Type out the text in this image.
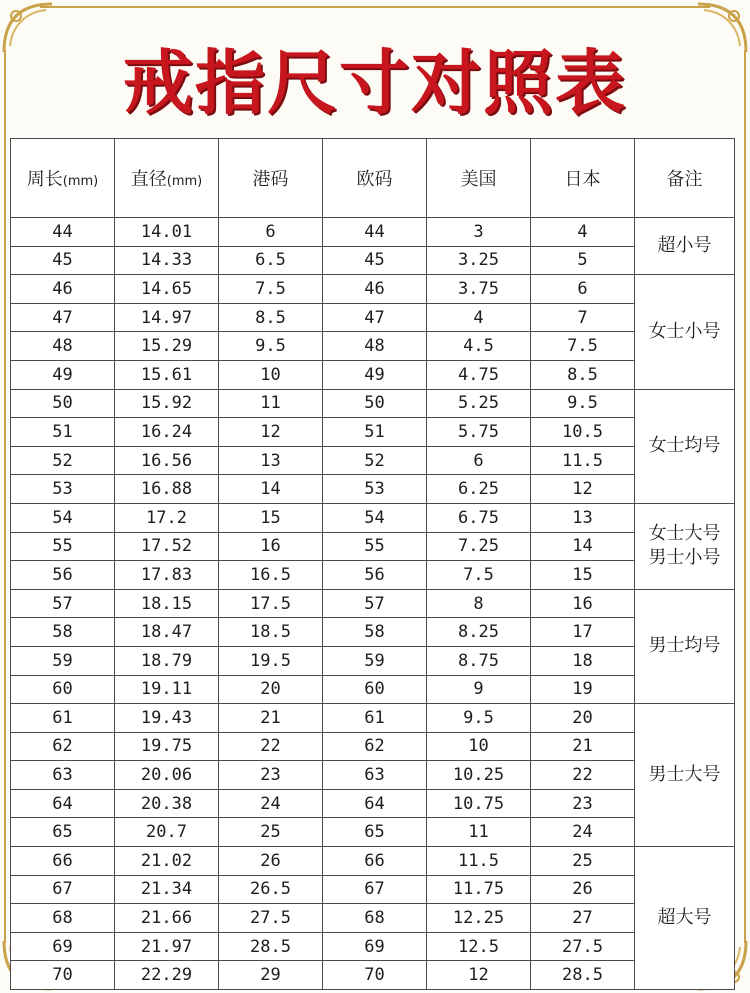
戒指尺寸对照表
周长(mm)	直径(mm)	港码	欧码	美国	日本	备注
44	14.01	6	44	3	4	超小号

45	14.33	6.5	45	3.25	5	
46	14.65	7.5	46	3.75	6	女士小号

47	14.97	8.5	47	4	7	
48	15.29	9.5	48	4.5	7.5	
49	15.61	10	49	4.75	8.5	
50	15.92	11	50	5.25	9.5	女士均号

51	16.24	12	51	5.75	10.5	
52	16.56	13	52	6	11.5	
53	16.88	14	53	6.25	12	
54	17.2	15	54	6.75	13	女士大号
男士小号

55	17.52	16	55	7.25	14	
56	17.83	16.5	56	7.5	15	
57	18.15	17.5	57	8	16	男士均号

58	18.47	18.5	58	8.25	17	
59	18.79	19.5	59	8.75	18	
60	19.11	20	60	9	19	
61	19.43	21	61	9.5	20	男士大号

62	19.75	22	62	10	21	
63	20.06	23	63	10.25	22	
64	20.38	24	64	10.75	23	
65	20.7	25	65	11	24	
66	21.02	26	66	11.5	25	超大号

67	21.34	26.5	67	11.75	26	
68	21.66	27.5	68	12.25	27	
69	21.97	28.5	69	12.5	27.5	
70	22.29	29	70	12	28.5	
